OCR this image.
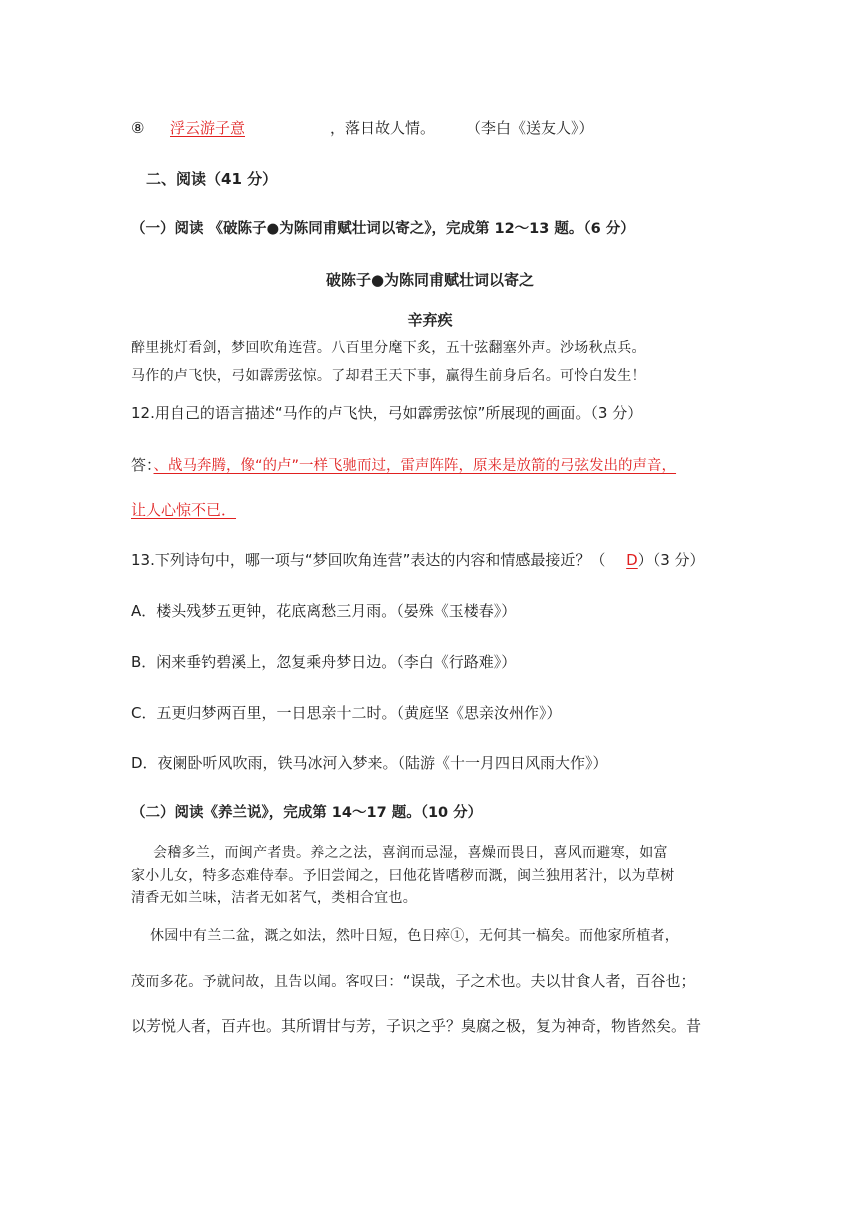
⑧ 浮云游子意	，落日故人情。 （李白《送友人》）
二、阅读（41 分）
（一）阅读 《破陈子●为陈同甫赋壮词以寄之》，完成第 12～13 题。（6 分）
破陈子●为陈同甫赋壮词以寄之
辛弃疾
醉里挑灯看剑，梦回吹角连营。八百里分麾下炙，五十弦翻塞外声。沙场秋点兵。
马作的卢飞快，弓如霹雳弦惊。了却君王天下事，赢得生前身后名。可怜白发生！
12.用自己的语言描述“马作的卢飞快，弓如霹雳弦惊”所展现的画面。（3 分）
答：、战马奔腾，像“的卢”一样飞驰而过，雷声阵阵，原来是放箭的弓弦发出的声音，
让人心惊不已．
13.下列诗句中，哪一项与“梦回吹角连营”表达的内容和情感最接近？（ D）（3 分）
A．楼头残梦五更钟，花底离愁三月雨。（晏殊《玉楼春》）
B．闲来垂钓碧溪上，忽复乘舟梦日边。（李白《行路难》）
C．五更归梦两百里，一日思亲十二时。（黄庭坚《思亲汝州作》）
D．夜阑卧听风吹雨，铁马冰河入梦来。（陆游《十一月四日风雨大作》）
（二）阅读《养兰说》，完成第 14～17 题。（10 分）
会稽多兰，而闽产者贵。养之之法，喜润而忌湿，喜燥而畏日，喜风而避寒，如富
家小儿女，特多态难侍奉。予旧尝闻之，曰他花皆嗜秽而溉，闽兰独用茗汁，以为草树
清香无如兰味，洁者无如茗气，类相合宜也。
休园中有兰二盆，溉之如法，然叶日短，色日瘁①，无何其一槁矣。而他家所植者，
茂而多花。予就问故，且告以闻。客叹曰：“误哉，子之术也。夫以甘食人者，百谷也；
以芳悦人者，百卉也。其所谓甘与芳，子识之乎？臭腐之极，复为神奇，物皆然矣。昔
